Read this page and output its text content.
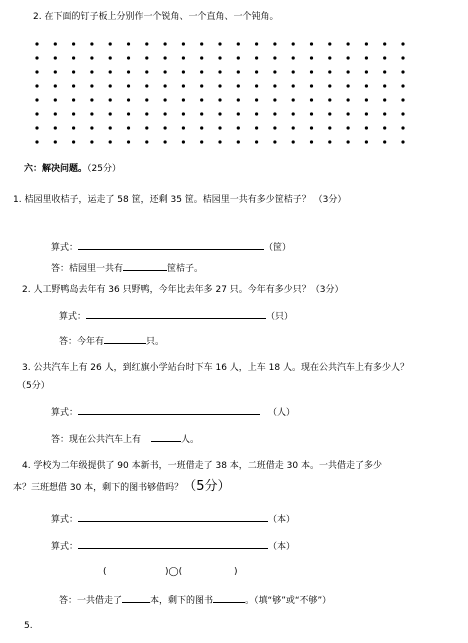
2. 在下面的钉子板上分别作一个锐角、一个直角、一个钝角。
六：解决问题。（25分）
1. 桔园里收桔子，运走了 58 筐，还剩 35 筐。桔园里一共有多少筐桔子？ （3分）
算式：	（筐）
答：桔园里一共有	筐桔子。
2. 人工野鸭岛去年有 36 只野鸭，今年比去年多 27 只。今年有多少只？（3分）
算式：	（只）
答：今年有	只。
3. 公共汽车上有 26 人，到红旗小学站台时下车 16 人，上车 18 人。现在公共汽车上有多少人？
（5分）
算式：	（人）
答：现在公共汽车上有	人。
4. 学校为二年级提供了 90 本新书，一班借走了 38 本，二班借走 30 本。一共借走了多少
本？三班想借 30 本，剩下的图书够借吗？（5分）
算式：	（本）
算式：	（本）
(	)◯(	)
答：一共借走了	本，剩下的图书	。（填“够”或“不够”）
5.
